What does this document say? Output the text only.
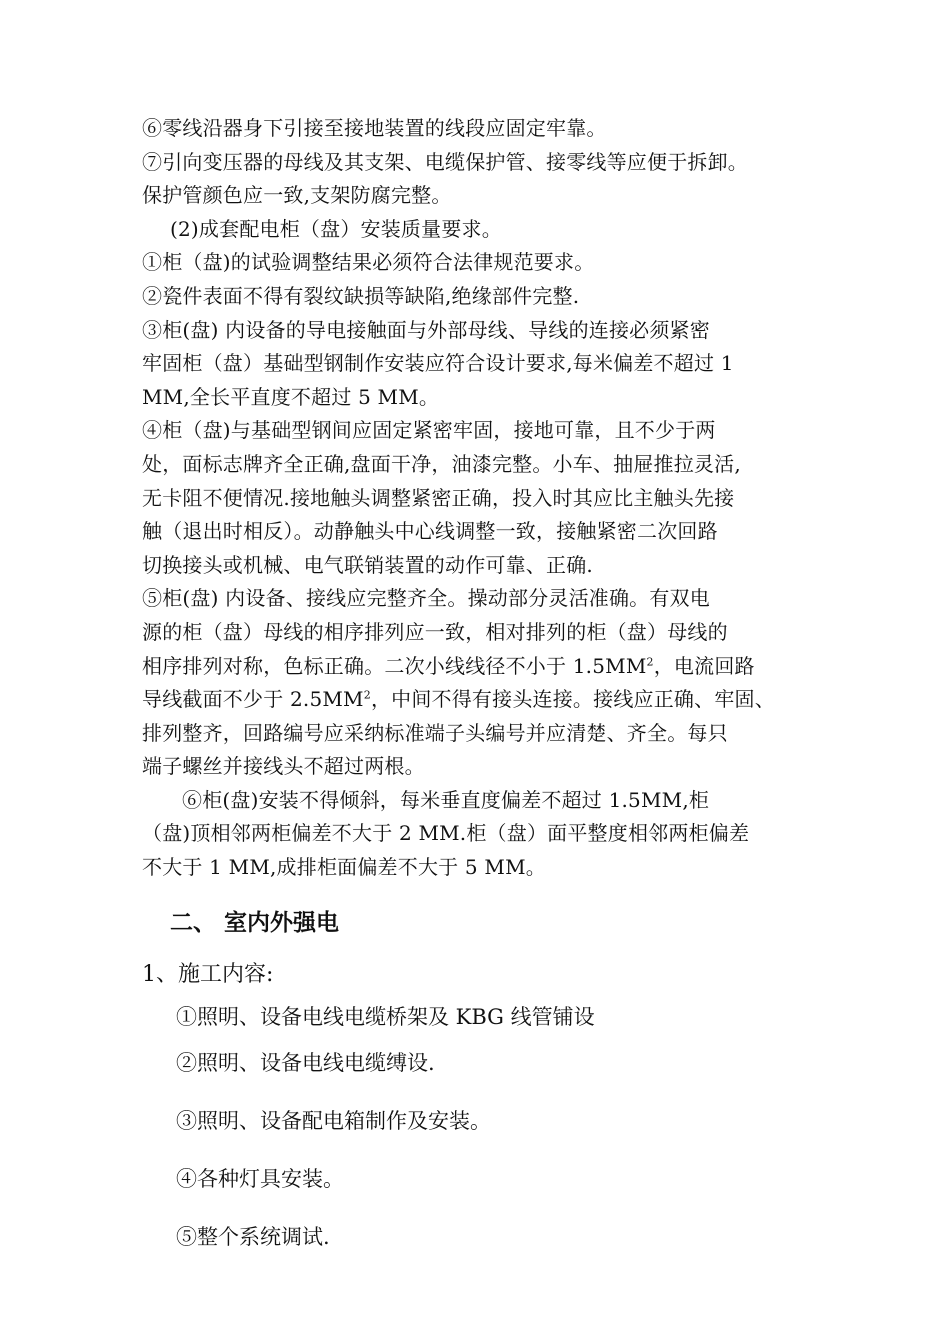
⑥零线沿器身下引接至接地装置的线段应固定牢靠。
⑦引向变压器的母线及其支架、电缆保护管、接零线等应便于拆卸。
保护管颜色应一致,支架防腐完整。
(2)成套配电柜（盘）安装质量要求。
①柜（盘)的试验调整结果必须符合法律规范要求。
②瓷件表面不得有裂纹缺损等缺陷,绝缘部件完整.
③柜(盘) 内设备的导电接触面与外部母线、导线的连接必须紧密
牢固柜（盘）基础型钢制作安装应符合设计要求,每米偏差不超过 1
MM,全长平直度不超过 5 MM。
④柜（盘)与基础型钢间应固定紧密牢固，接地可靠，且不少于两
处，面标志牌齐全正确,盘面干净，油漆完整。小车、抽屉推拉灵活,
无卡阻不便情况.接地触头调整紧密正确，投入时其应比主触头先接
触（退出时相反）。动静触头中心线调整一致，接触紧密二次回路
切换接头或机械、电气联销装置的动作可靠、正确.
⑤柜(盘) 内设备、接线应完整齐全。操动部分灵活准确。有双电
源的柜（盘）母线的相序排列应一致，相对排列的柜（盘）母线的
相序排列对称，色标正确。二次小线线径不小于 $1.5MM^2$，电流回路
导线截面不少于 $2.5MM^2$，中间不得有接头连接。接线应正确、牢固、
排列整齐，回路编号应采纳标准端子头编号并应清楚、齐全。每只
端子螺丝并接线头不超过两根。
⑥柜(盘)安装不得倾斜，每米垂直度偏差不超过 1.5MM,柜
（盘)顶相邻两柜偏差不大于 2 MM.柜（盘）面平整度相邻两柜偏差
不大于 1 MM,成排柜面偏差不大于 5 MM。
二、 室内外强电
1、施工内容:
①照明、设备电线电缆桥架及 KBG 线管铺设
②照明、设备电线电缆缚设.
③照明、设备配电箱制作及安装。
④各种灯具安装。
⑤整个系统调试.
